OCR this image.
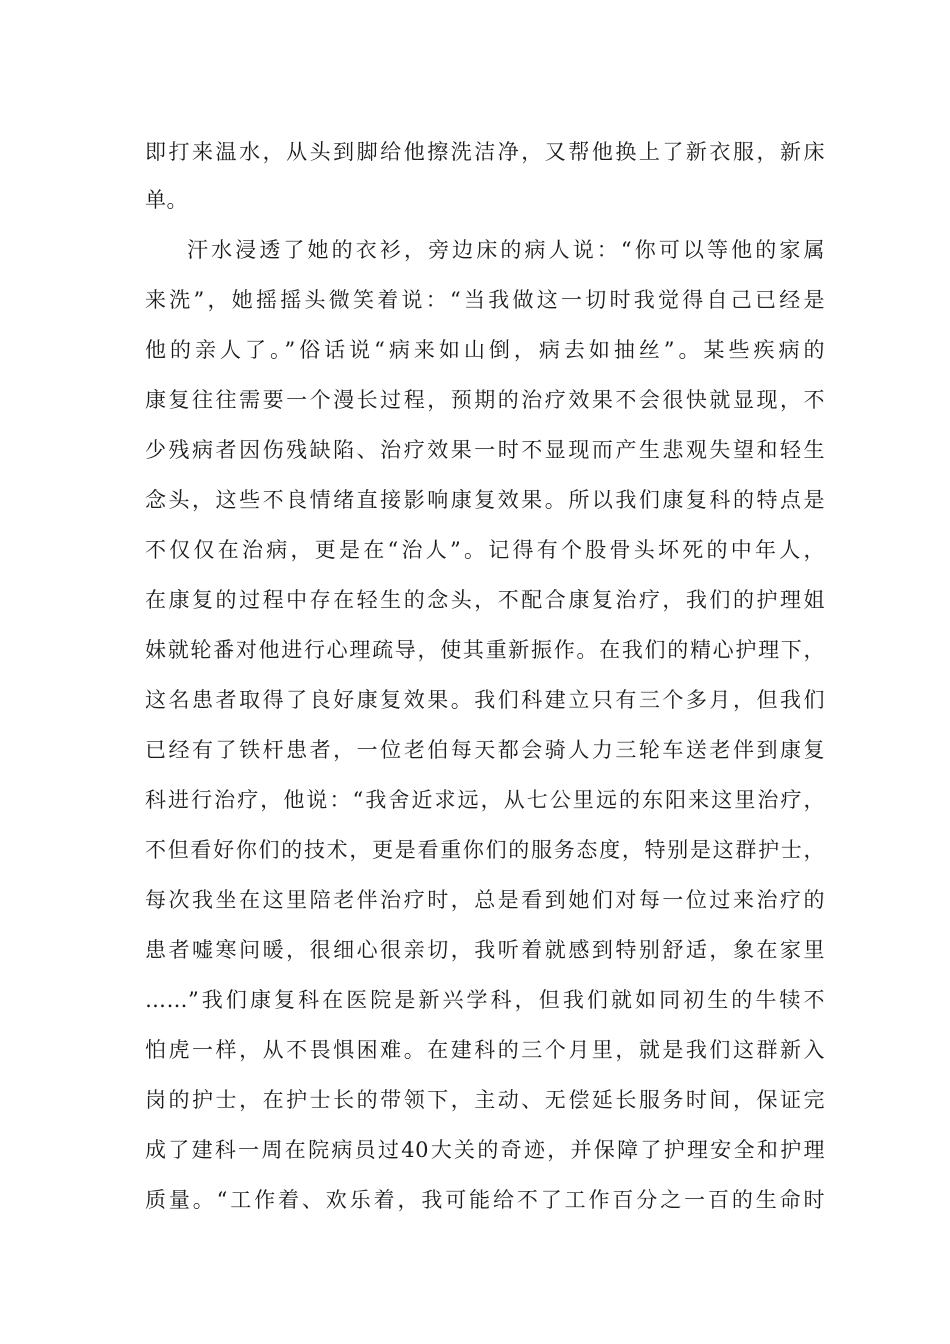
即打来温水，从头到脚给他擦洗洁净，又帮他换上了新衣服，新床
单。
汗水浸透了她的衣衫，旁边床的病人说：“你可以等他的家属
来洗”，她摇摇头微笑着说：“当我做这一切时我觉得自己已经是
他的亲人了。”俗话说“病来如山倒，病去如抽丝”。某些疾病的
康复往往需要一个漫长过程，预期的治疗效果不会很快就显现，不
少残病者因伤残缺陷、治疗效果一时不显现而产生悲观失望和轻生
念头，这些不良情绪直接影响康复效果。所以我们康复科的特点是
不仅仅在治病，更是在“治人”。记得有个股骨头坏死的中年人，
在康复的过程中存在轻生的念头，不配合康复治疗，我们的护理姐
妹就轮番对他进行心理疏导，使其重新振作。在我们的精心护理下，
这名患者取得了良好康复效果。我们科建立只有三个多月，但我们
已经有了铁杆患者，一位老伯每天都会骑人力三轮车送老伴到康复
科进行治疗，他说：“我舍近求远，从七公里远的东阳来这里治疗，
不但看好你们的技术，更是看重你们的服务态度，特别是这群护士，
每次我坐在这里陪老伴治疗时，总是看到她们对每一位过来治疗的
患者嘘寒问暖，很细心很亲切，我听着就感到特别舒适，象在家里
……”我们康复科在医院是新兴学科，但我们就如同初生的牛犊不
怕虎一样，从不畏惧困难。在建科的三个月里，就是我们这群新入
岗的护士，在护士长的带领下，主动、无偿延长服务时间，保证完
成了建科一周在院病员过40大关的奇迹，并保障了护理安全和护理
质量。“工作着、欢乐着，我可能给不了工作百分之一百的生命时
